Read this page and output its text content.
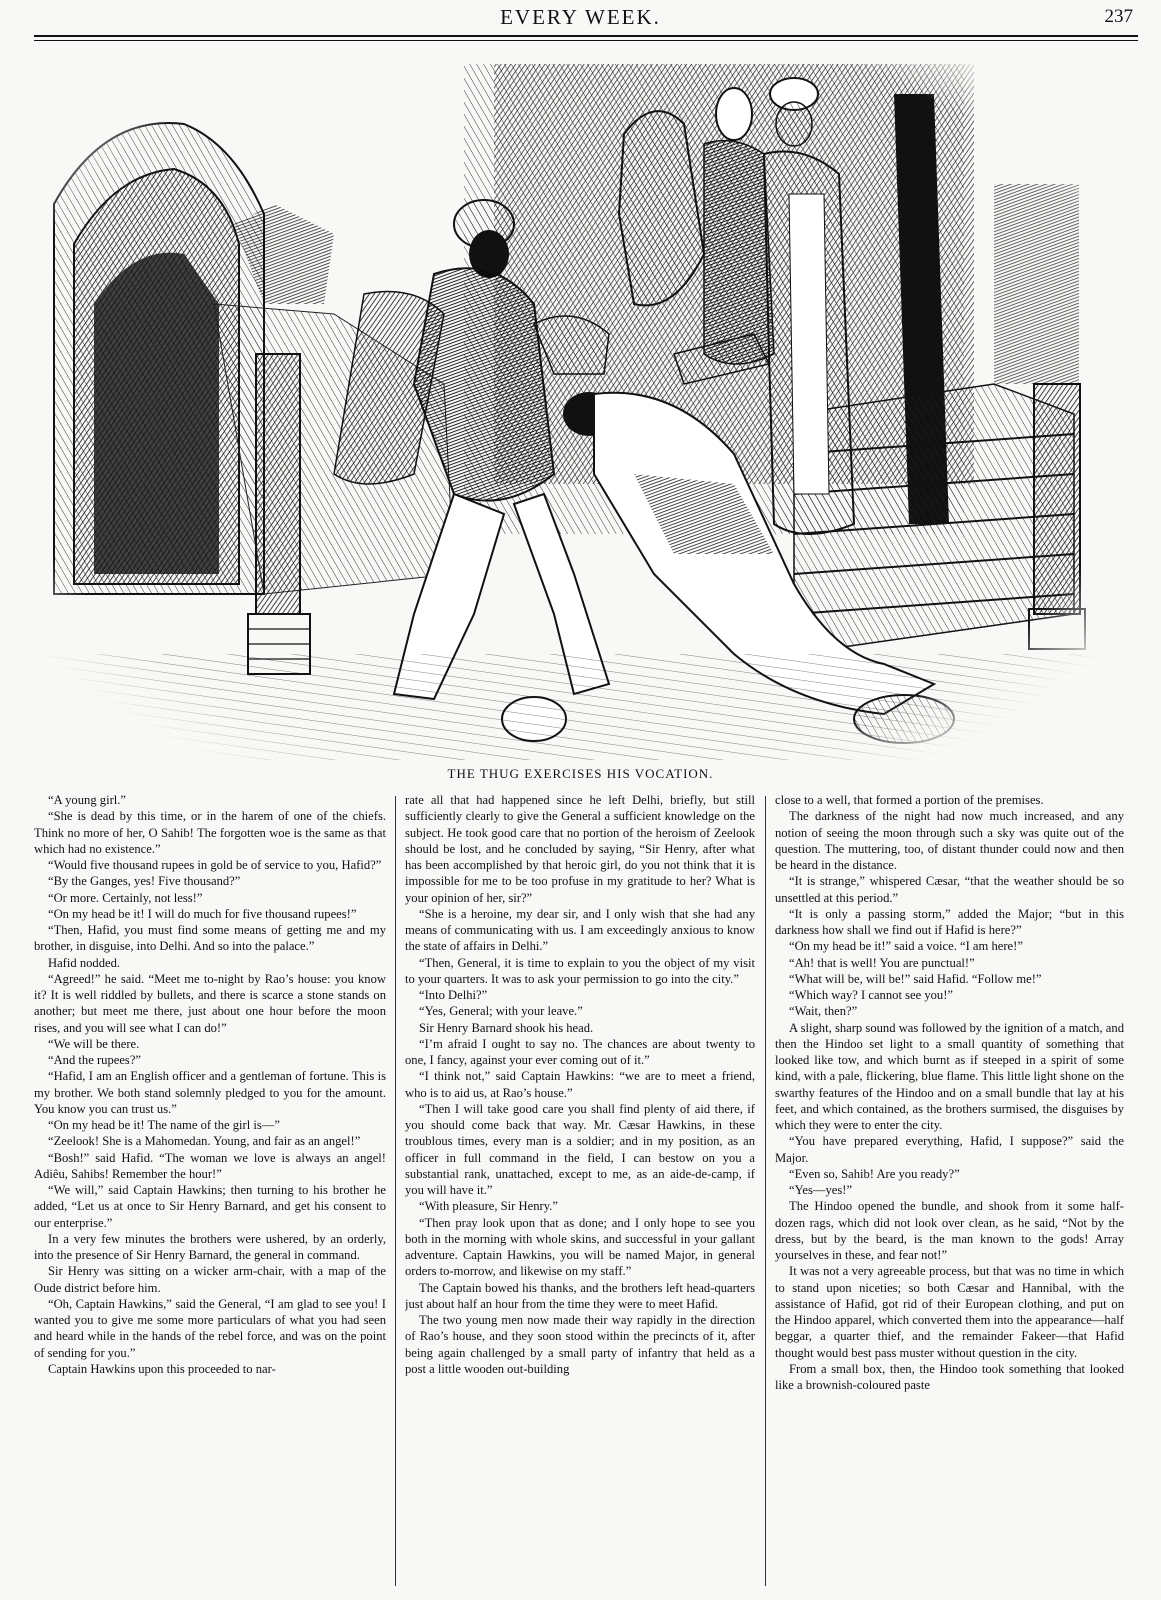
EVERY WEEK.	237
THE THUG EXERCISES HIS VOCATION.

“A young girl.”

“She is dead by this time, or in the harem of one of the chiefs. Think no more of her, O Sahib! The forgotten woe is the same as that which had no existence.”

“Would five thousand rupees in gold be of service to you, Hafid?”

“By the Ganges, yes! Five thousand?”

“Or more. Certainly, not less!”

“On my head be it! I will do much for five thousand rupees!”

“Then, Hafid, you must find some means of getting me and my brother, in disguise, into Delhi. And so into the palace.”

Hafid nodded.

“Agreed!” he said. “Meet me to-night by Rao’s house: you know it? It is well riddled by bullets, and there is scarce a stone stands on another; but meet me there, just about one hour before the moon rises, and you will see what I can do!”

“We will be there.

“And the rupees?”

“Hafid, I am an English officer and a gentleman of fortune. This is my brother. We both stand solemnly pledged to you for the amount. You know you can trust us.”

“On my head be it! The name of the girl is—”

“Zeelook! She is a Mahomedan. Young, and fair as an angel!”

“Bosh!” said Hafid. “The woman we love is always an angel! Adiêu, Sahibs! Remember the hour!”

“We will,” said Captain Hawkins; then turning to his brother he added, “Let us at once to Sir Henry Barnard, and get his consent to our enterprise.”

In a very few minutes the brothers were ushered, by an orderly, into the presence of Sir Henry Barnard, the general in command.

Sir Henry was sitting on a wicker arm-chair, with a map of the Oude district before him.

“Oh, Captain Hawkins,” said the General, “I am glad to see you! I wanted you to give me some more particulars of what you had seen and heard while in the hands of the rebel force, and was on the point of sending for you.”

Captain Hawkins upon this proceeded to nar-

rate all that had happened since he left Delhi, briefly, but still sufficiently clearly to give the General a sufficient knowledge on the subject. He took good care that no portion of the heroism of Zeelook should be lost, and he concluded by saying, “Sir Henry, after what has been accomplished by that heroic girl, do you not think that it is impossible for me to be too profuse in my gratitude to her? What is your opinion of her, sir?”

“She is a heroine, my dear sir, and I only wish that she had any means of communicating with us. I am exceedingly anxious to know the state of affairs in Delhi.”

“Then, General, it is time to explain to you the object of my visit to your quarters. It was to ask your permission to go into the city.”

“Into Delhi?”

“Yes, General; with your leave.”

Sir Henry Barnard shook his head.

“I’m afraid I ought to say no. The chances are about twenty to one, I fancy, against your ever coming out of it.”

“I think not,” said Captain Hawkins: “we are to meet a friend, who is to aid us, at Rao’s house.”

“Then I will take good care you shall find plenty of aid there, if you should come back that way. Mr. Cæsar Hawkins, in these troublous times, every man is a soldier; and in my position, as an officer in full command in the field, I can bestow on you a substantial rank, unattached, except to me, as an aide-de-camp, if you will have it.”

“With pleasure, Sir Henry.”

“Then pray look upon that as done; and I only hope to see you both in the morning with whole skins, and successful in your gallant adventure. Captain Hawkins, you will be named Major, in general orders to-morrow, and likewise on my staff.”

The Captain bowed his thanks, and the brothers left head-quarters just about half an hour from the time they were to meet Hafid.

The two young men now made their way rapidly in the direction of Rao’s house, and they soon stood within the precincts of it, after being again challenged by a small party of infantry that held as a post a little wooden out-building

close to a well, that formed a portion of the premises.

The darkness of the night had now much increased, and any notion of seeing the moon through such a sky was quite out of the question. The muttering, too, of distant thunder could now and then be heard in the distance.

“It is strange,” whispered Cæsar, “that the weather should be so unsettled at this period.”

“It is only a passing storm,” added the Major; “but in this darkness how shall we find out if Hafid is here?”

“On my head be it!” said a voice. “I am here!”

“Ah! that is well! You are punctual!”

“What will be, will be!” said Hafid. “Follow me!”

“Which way? I cannot see you!”

“Wait, then?”

A slight, sharp sound was followed by the ignition of a match, and then the Hindoo set light to a small quantity of something that looked like tow, and which burnt as if steeped in a spirit of some kind, with a pale, flickering, blue flame. This little light shone on the swarthy features of the Hindoo and on a small bundle that lay at his feet, and which contained, as the brothers surmised, the disguises by which they were to enter the city.

“You have prepared everything, Hafid, I suppose?” said the Major.

“Even so, Sahib! Are you ready?”

“Yes—yes!”

The Hindoo opened the bundle, and shook from it some half-dozen rags, which did not look over clean, as he said, “Not by the dress, but by the beard, is the man known to the gods! Array yourselves in these, and fear not!”

It was not a very agreeable process, but that was no time in which to stand upon niceties; so both Cæsar and Hannibal, with the assistance of Hafid, got rid of their European clothing, and put on the Hindoo apparel, which converted them into the appearance—half beggar, a quarter thief, and the remainder Fakeer—that Hafid thought would best pass muster without question in the city.

From a small box, then, the Hindoo took something that looked like a brownish-coloured paste
